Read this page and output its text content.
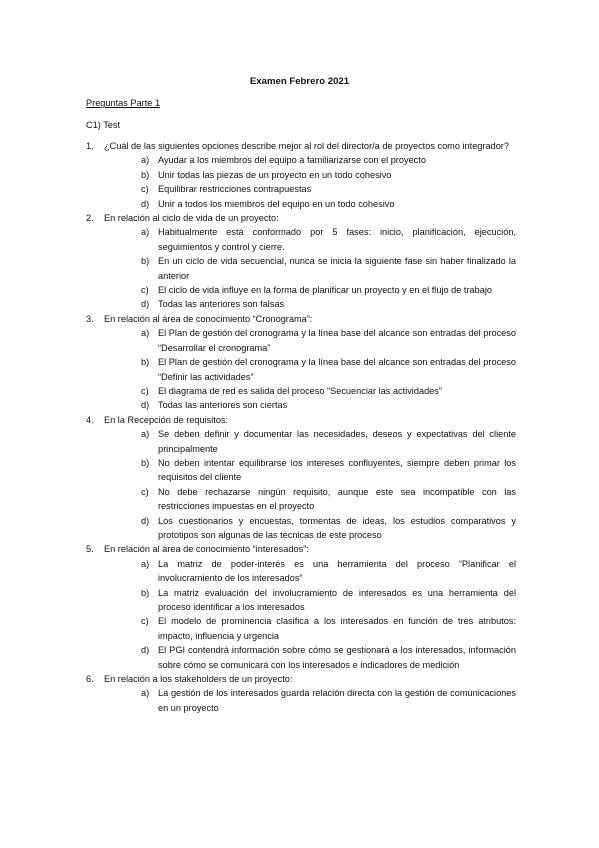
Examen Febrero 2021
Preguntas Parte 1
C1) Test
1.	¿Cuál de las siguientes opciones describe mejor al rol del director/a de proyectos como integrador?
a) Ayudar a los miembros del equipo a familiarizarse con el proyecto
b) Unir todas las piezas de un proyecto en un todo cohesivo
c)	Equilibrar restricciones contrapuestas
d) Unir a todos los miembros del equipo en un todo cohesivo
2.	En relación al ciclo de vida de un proyecto:
a) Habitualmente está conformado por 5 fases: inicio, planificación, ejecución, seguimientos y control y cierre.
b) En un ciclo de vida secuencial, nunca se inicia la siguiente fase sin haber finalizado la anterior
c)	El ciclo de vida influye en la forma de planificar un proyecto y en el flujo de trabajo
d) Todas las anteriores son falsas
3.	En relación al área de conocimiento “Cronograma”:
a) El Plan de gestión del cronograma y la línea base del alcance son entradas del proceso “Desarrollar el cronograma”
b) El Plan de gestión del cronograma y la línea base del alcance son entradas del proceso “Definir las actividades”
c)	El diagrama de red es salida del proceso “Secuenciar las actividades”
d) Todas las anteriores son ciertas
4.	En la Recepción de requisitos:
a) Se deben definir y documentar las necesidades, deseos y expectativas del cliente principalmente
b) No deben intentar equilibrarse los intereses confluyentes, siempre deben primar los requisitos del cliente
c)	No debe rechazarse ningún requisito, aunque este sea incompatible con las restricciones impuestas en el proyecto
d) Los cuestionarios y encuestas, tormentas de ideas, los estudios comparativos y prototipos son algunas de las técnicas de este proceso
5.	En relación al área de conocimiento “interesados”:
a) La matriz de poder-interés es una herramienta del proceso “Planificar el involucramiento de los interesados”
b) La matriz evaluación del involucramiento de interesados es una herramienta del proceso identificar a los interesados
c)	El modelo de prominencia clasifica a los interesados en función de tres atributos: impacto, influencia y urgencia
d) El PGI contendrá información sobre cómo se gestionará a los interesados, información sobre cómo se comunicará con los interesados e indicadores de medición
6.	En relación a los stakeholders de un proyecto:
a) La gestión de los interesados guarda relación directa con la gestión de comunicaciones en un proyecto
